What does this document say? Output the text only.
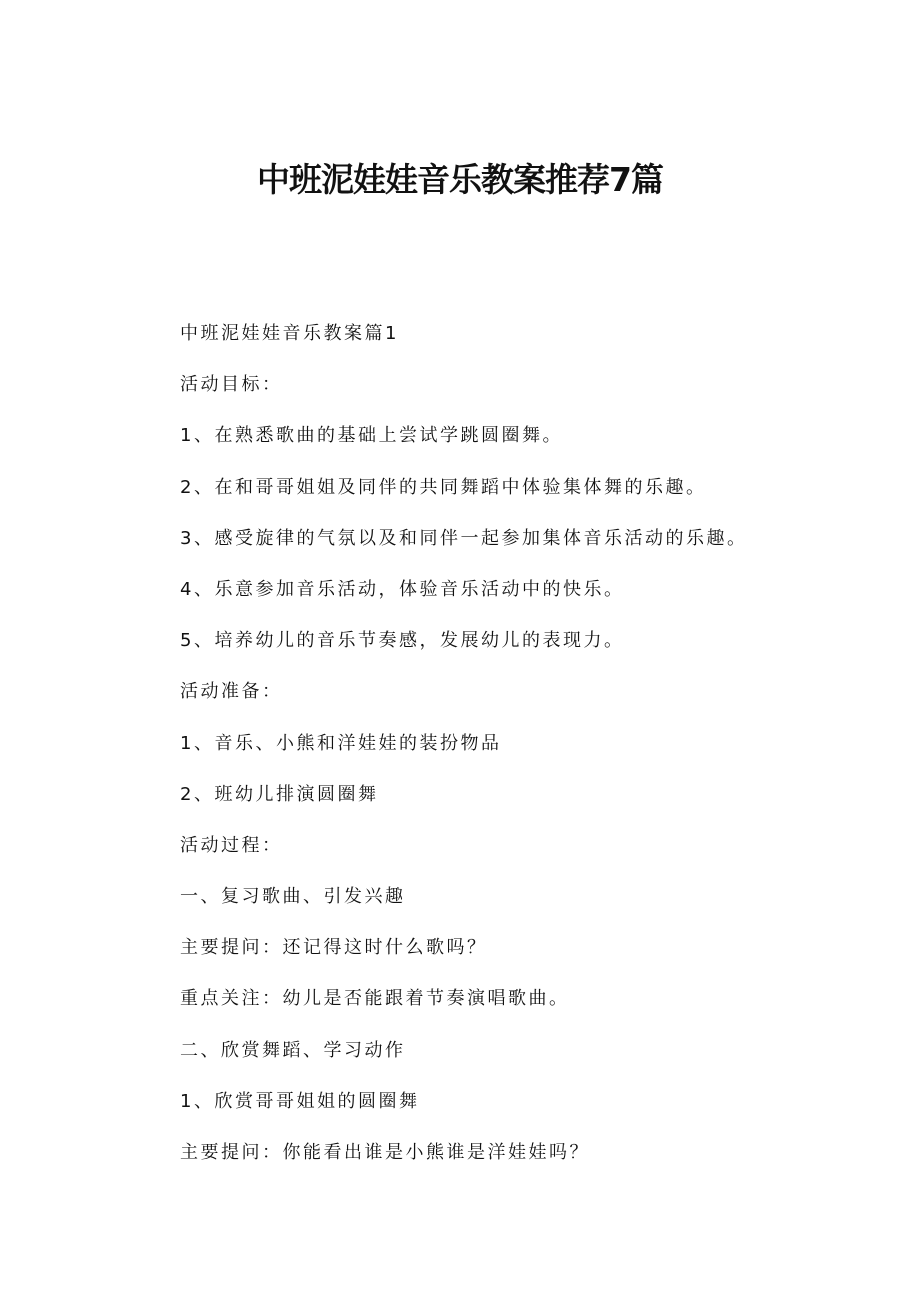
中班泥娃娃音乐教案推荐7篇

中班泥娃娃音乐教案篇1

活动目标：

1、在熟悉歌曲的基础上尝试学跳圆圈舞。

2、在和哥哥姐姐及同伴的共同舞蹈中体验集体舞的乐趣。

3、感受旋律的气氛以及和同伴一起参加集体音乐活动的乐趣。

4、乐意参加音乐活动，体验音乐活动中的快乐。

5、培养幼儿的音乐节奏感，发展幼儿的表现力。

活动准备：

1、音乐、小熊和洋娃娃的装扮物品

2、班幼儿排演圆圈舞

活动过程：

一、复习歌曲、引发兴趣

主要提问：还记得这时什么歌吗？

重点关注：幼儿是否能跟着节奏演唱歌曲。

二、欣赏舞蹈、学习动作

1、欣赏哥哥姐姐的圆圈舞

主要提问：你能看出谁是小熊谁是洋娃娃吗？
